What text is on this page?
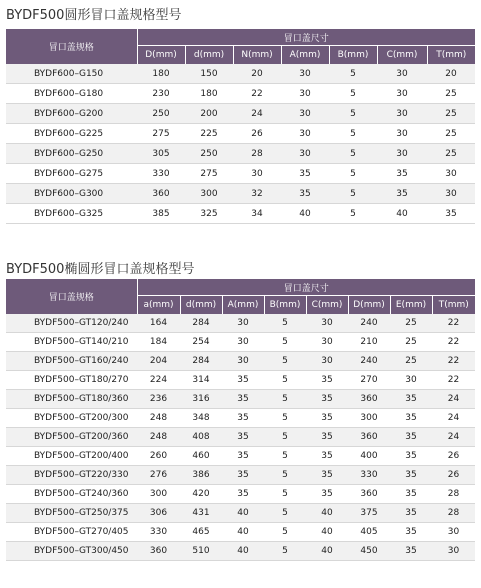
BYDF500圆形冒口盖规格型号
冒口盖规格	冒口盖尺寸						
	D(mm)	d(mm)	N(mm)	A(mm)	B(mm)	C(mm)	T(mm)
BYDF600–G150	180	150	20	30	5	30	20
BYDF600–G180	230	180	22	30	5	30	25
BYDF600–G200	250	200	24	30	5	30	25
BYDF600–G225	275	225	26	30	5	30	25
BYDF600–G250	305	250	28	30	5	30	25
BYDF600–G275	330	275	30	35	5	35	30
BYDF600–G300	360	300	32	35	5	35	30
BYDF600–G325	385	325	34	40	5	40	35
BYDF500椭圆形冒口盖规格型号
冒口盖规格	冒口盖尺寸							
	a(mm)	d(mm)	A(mm)	B(mm)	C(mm)	D(mm)	E(mm)	T(mm)
BYDF500–GT120/240	164	284	30	5	30	240	25	22
BYDF500–GT140/210	184	254	30	5	30	210	25	22
BYDF500–GT160/240	204	284	30	5	30	240	25	22
BYDF500–GT180/270	224	314	35	5	35	270	30	22
BYDF500–GT180/360	236	316	35	5	35	360	35	24
BYDF500–GT200/300	248	348	35	5	35	300	35	24
BYDF500–GT200/360	248	408	35	5	35	360	35	24
BYDF500–GT200/400	260	460	35	5	35	400	35	26
BYDF500–GT220/330	276	386	35	5	35	330	35	26
BYDF500–GT240/360	300	420	35	5	35	360	35	28
BYDF500–GT250/375	306	431	40	5	40	375	35	28
BYDF500–GT270/405	330	465	40	5	40	405	35	30
BYDF500–GT300/450	360	510	40	5	40	450	35	30
